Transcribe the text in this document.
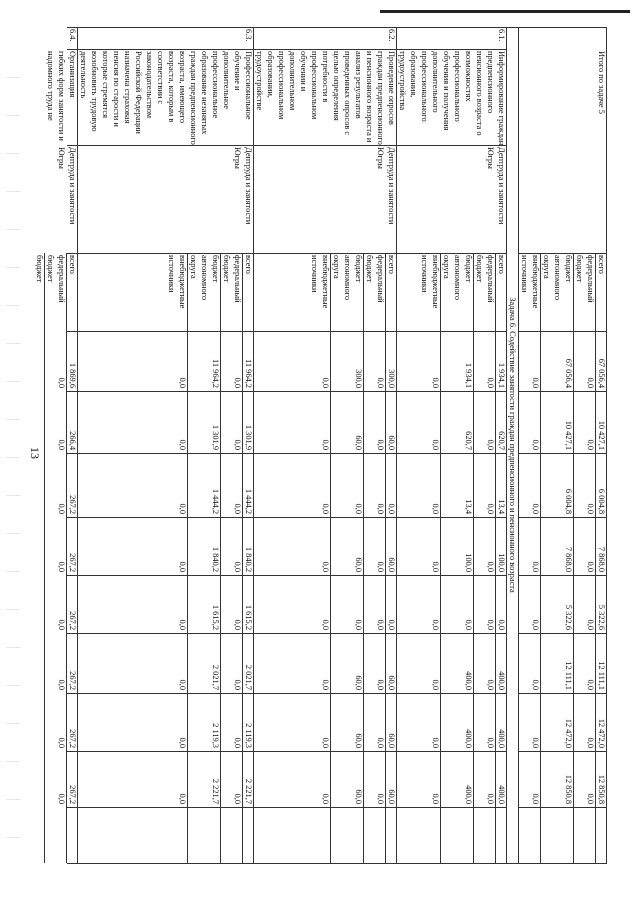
13
Итого по задаче 5
всего
67 056,4
10 427,1
6 004,8
7 868,0
5 322,6
12 111,1
12 472,0
12 850,8
федеральный
бюджет
0,0
0,0
0,0
0,0
0,0
0,0
0,0
0,0
бюджет
автономного
округа
67 056,4
10 427,1
6 004,8
7 868,0
5 322,6
12 111,1
12 472,0
12 850,8
внебюджетные
источники
0,0
0,0
0,0
0,0
0,0
0,0
0,0
0,0
Задача 6. Содействие занятости граждан предпенсионного и пенсионного возраста
6.1.
Информирование граждан
предпенсионного
пенсионного возраста о
возможностях
профессионального
обучения и получения
дополнительного
профессионального
образования,
трудоустройства
Дептруда и занятости
Югры
всего
1 934,1
620,7
13,4
100,0
0,0
400,0
400,0
400,0
федеральный
бюджет
0,0
0,0
0,0
0,0
0,0
0,0
0,0
0,0
бюджет
автономного
округа
1 934,1
620,7
13,4
100,0
0,0
400,0
400,0
400,0
внебюджетные
источники
0,0
0,0
0,0
0,0
0,0
0,0
0,0
0,0
6.2.
Проведение опросов
граждан предпенсионного
и пенсионного возраста и
анализ результатов
проведенных опросов с
целью определения
потребности в
профессиональном
обучении и
дополнительном
профессиональном
образовании,
трудоустройстве
Дептруда и занятости
Югры
всего
300,0
60,0
0,0
60,0
0,0
60,0
60,0
60,0
федеральный
бюджет
0,0
0,0
0,0
0,0
0,0
0,0
0,0
0,0
бюджет
автономного
округа
300,0
60,0
0,0
60,0
0,0
60,0
60,0
60,0
внебюджетные
источники
0,0
0,0
0,0
0,0
0,0
0,0
0,0
0,0
6.3.
Профессиональное
обучение и
дополнительное
профессиональное
образование незанятых
граждан предпенсионного
возраста, имеющего
возраста, которым в
соответствии с
законодательством
Российской Федерации
назначена страховая
пенсия по старости и
которые стремятся
возобновить трудовую
деятельность
Дептруда и занятости
Югры
всего
11 964,2
1 301,9
1 444,2
1 840,2
1 615,2
2 021,7
2 119,3
2 221,7
федеральный
бюджет
0,0
0,0
0,0
0,0
0,0
0,0
0,0
0,0
бюджет
автономного
округа
11 964,2
1 301,9
1 444,2
1 840,2
1 615,2
2 021,7
2 119,3
2 221,7
внебюджетные
источники
0,0
0,0
0,0
0,0
0,0
0,0
0,0
0,0
6.4.
Организация
гибких форм занятости и
надомного труда не
Дептруда и занятости
Югры
всего
1 869,6
266,4
267,2
267,2
267,2
267,2
267,2
267,2
федеральный
бюджет
0,0
0,0
0,0
0,0
0,0
0,0
0,0
0,0
бюджет
